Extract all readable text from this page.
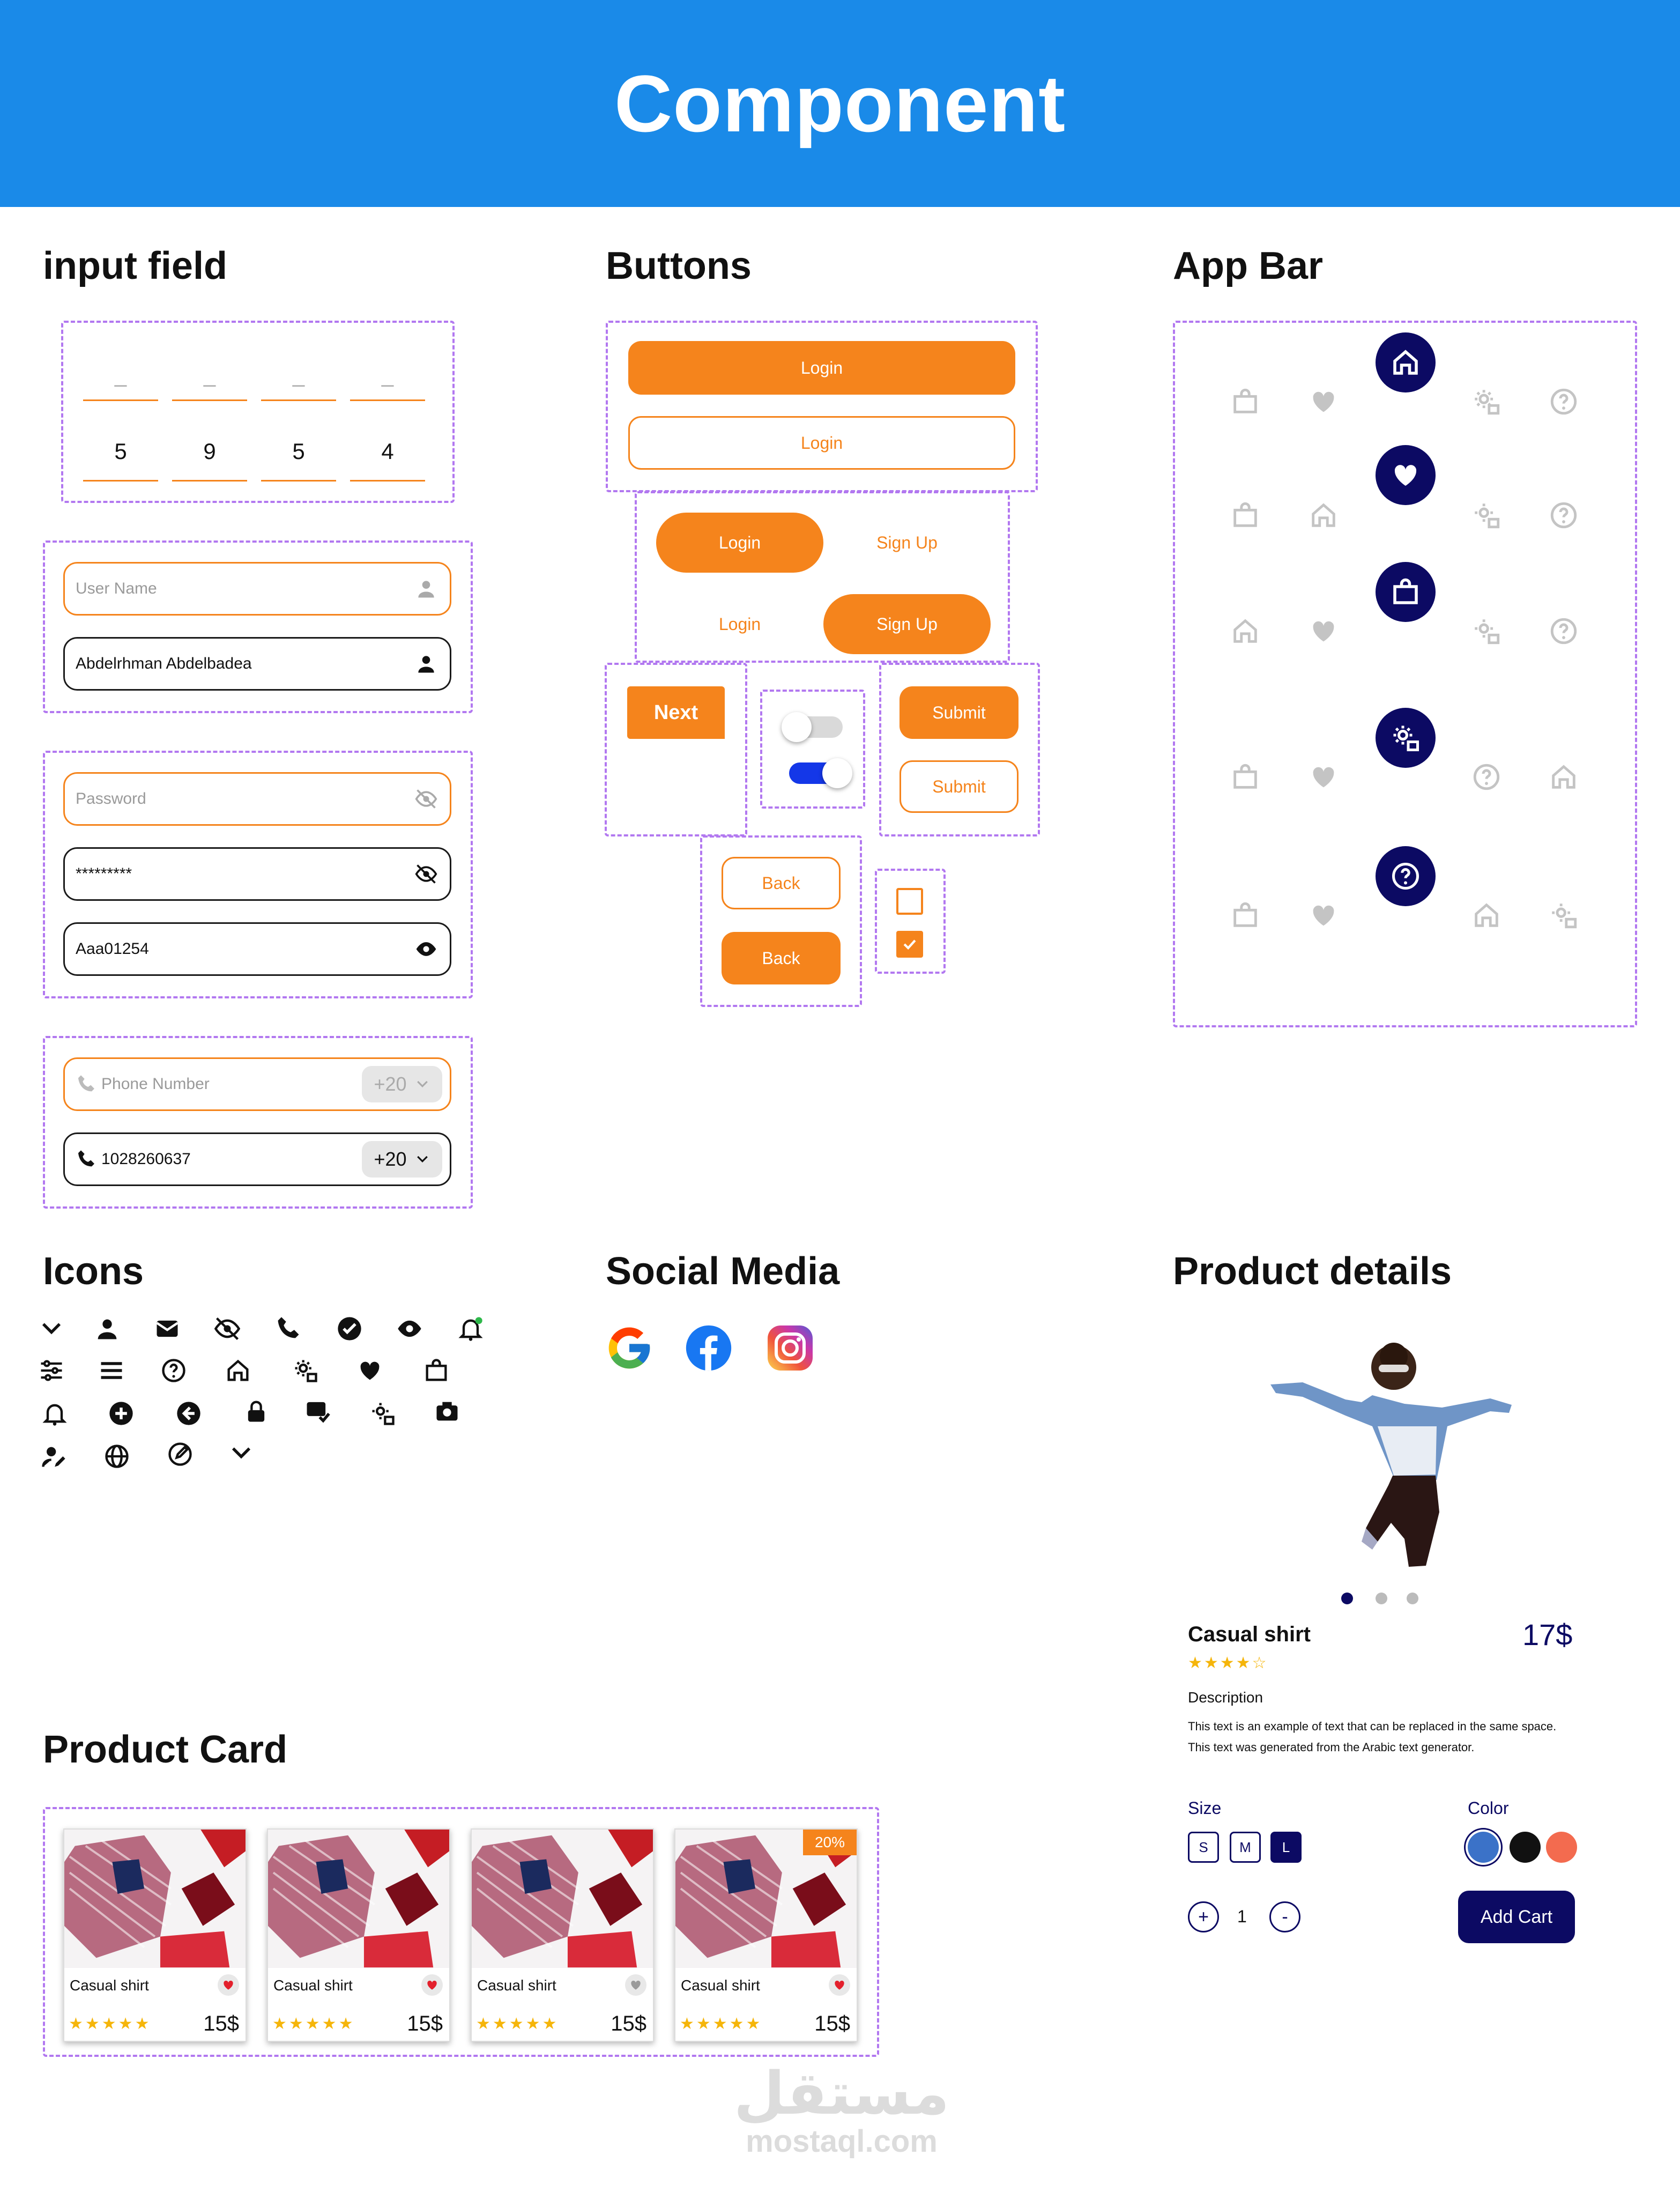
Component
input field	Buttons	App Bar
Icons	Social Media	Product details
Product Card
_	_	_	_
5	9	5	4
User Name
Abdelrhman Abdelbadea
Password
*********
Aaa01254
Phone Number	+20
1028260637	+20
Login
Login
Login	Sign Up
Login	Sign Up
Next	Submit
Submit
Back
Back
Casual shirt	17$
★★★★☆
Description
This text is an example of text that can be replaced in the same space. This text was generated from the Arabic text generator.
Size
S	M	L
Color
+	1	-	Add Cart
Casual shirt
★★★★★ 15$
Casual shirt
★★★★★ 15$
Casual shirt
★★★★★ 15$
20%
Casual shirt
★★★★★ 15$
مستقل
mostaql.com
